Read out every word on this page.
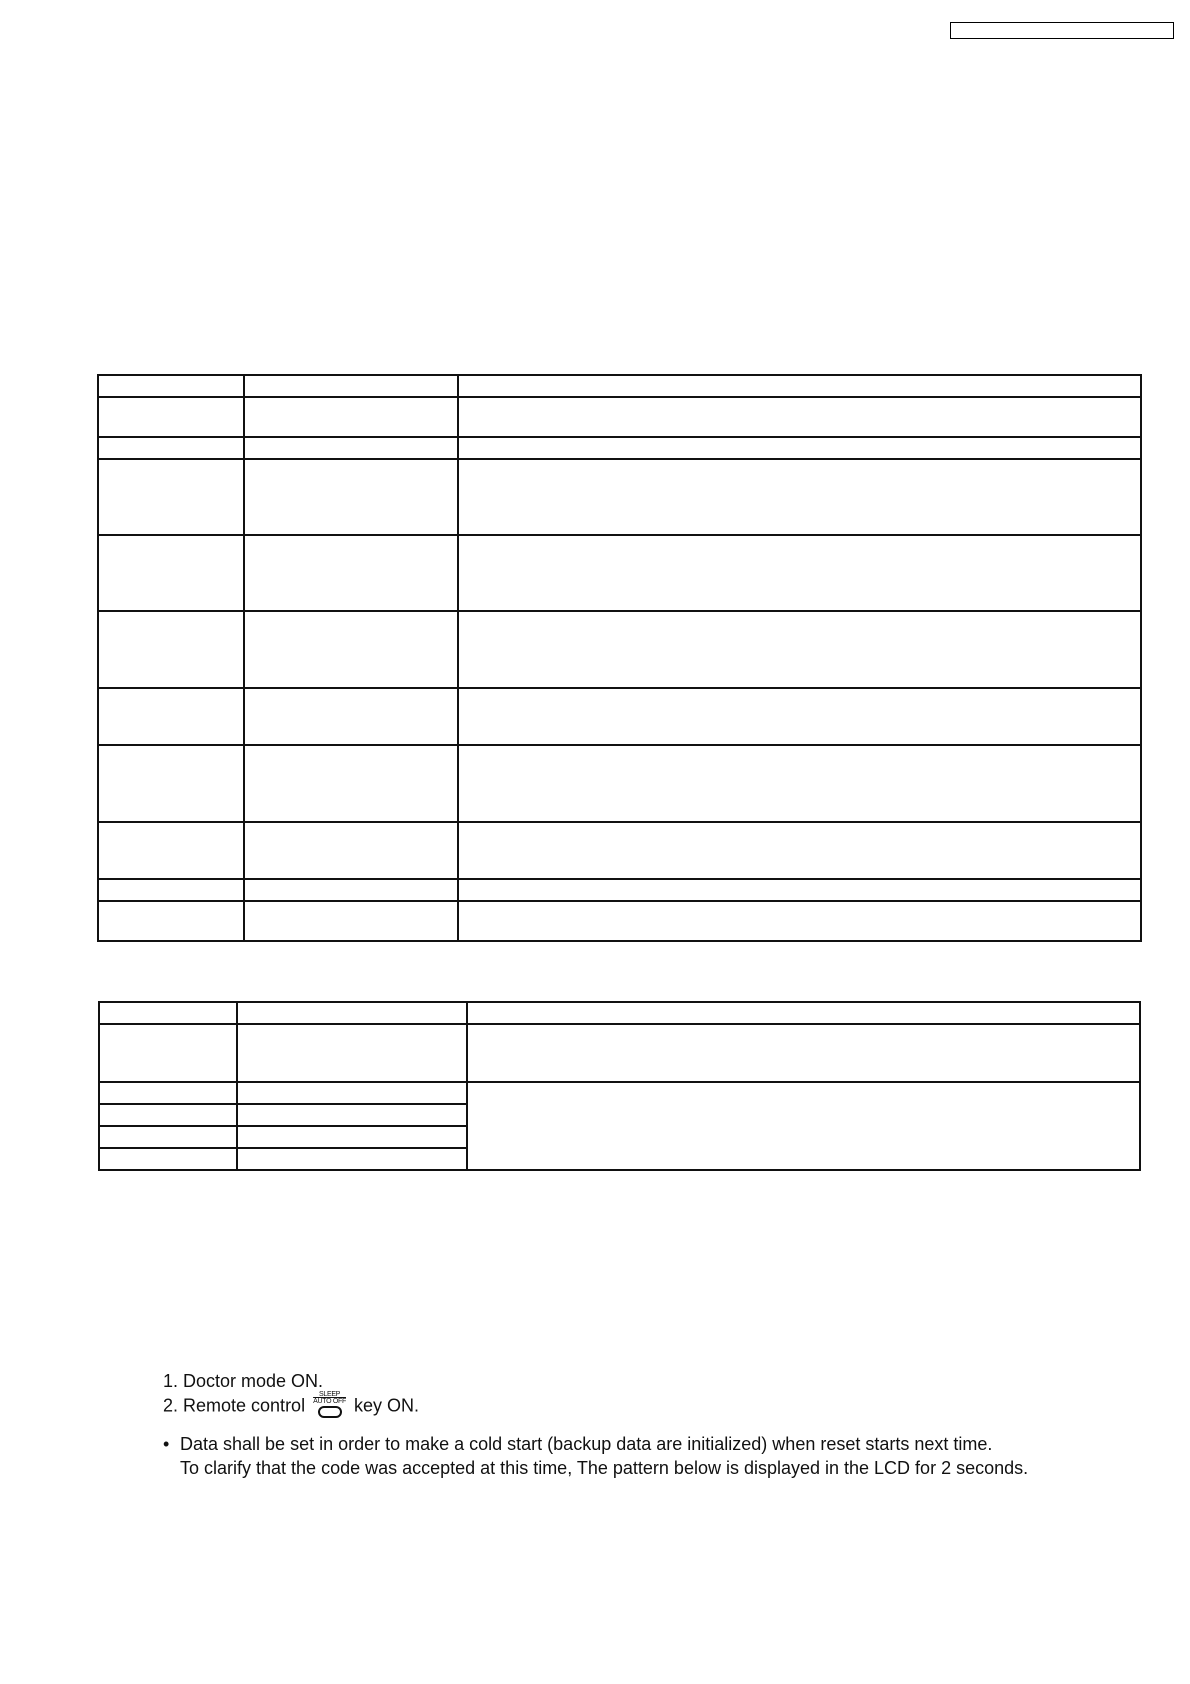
1. Doctor mode ON.

2. Remote control
SLEEP
AUTO OFF key ON.

• Data shall be set in order to make a cold start (backup data are initialized) when reset starts next time.

To clarify that the code was accepted at this time, The pattern below is displayed in the LCD for 2 seconds.
